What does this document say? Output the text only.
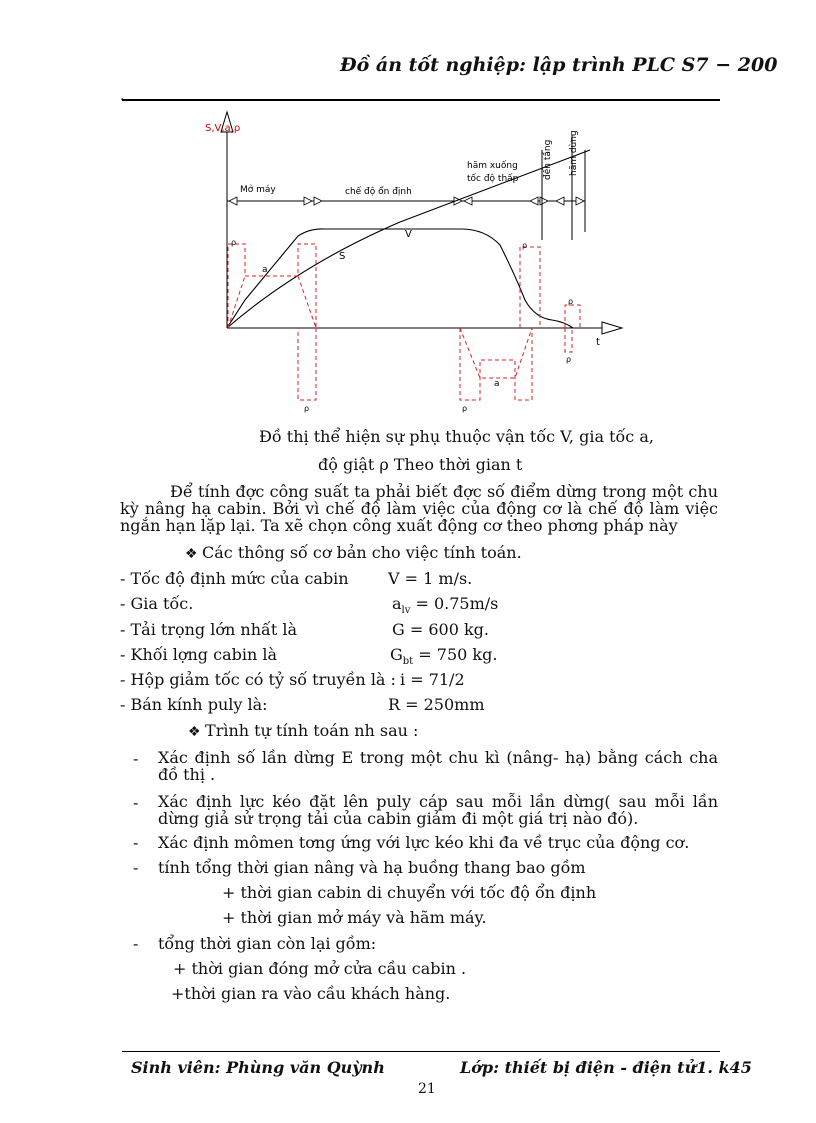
Đồ án tốt nghiệp: lập trình PLC S7 − 200
.
S,V,a,ρ
t
Mở máy	chế độ ổn định
hãm xuống
tốc độ thấp	đến tầng hãm dừng
V
S
a
a
ρ
ρ	ρ
ρ
ρ
ρ
Đồ thị thể hiện sự phụ thuộc vận tốc V, gia tốc a,
độ giật ρ Theo thời gian t
Để tính đợc công suất ta phải biết đợc số điểm dừng trong một chu kỳ nâng hạ cabin. Bởi vì chế độ làm việc của động cơ là chế độ làm việc ngắn hạn lặp lại. Ta xẽ chọn công xuất động cơ theo phơng pháp này
❖ Các thông số cơ bản cho việc tính toán.
- Tốc độ định mức của cabin V = 1 m/s.
- Gia tốc.	$a_{lv} = 0.75m/s$
- Tải trọng lớn nhất là	G = 600 kg.
- Khối lợng cabin là	$G_{bt} = 750$ kg.
- Hộp giảm tốc có tỷ số truyền là : i = 71/2
- Bán kính puly là:	R = 250mm
❖ Trình tự tính toán nh sau :
- Xác định số lần dừng E trong một chu kì (nâng- hạ) bằng cách cha đồ thị .
- Xác định lực kéo đặt lên puly cáp sau mỗi lần dừng( sau mỗi lần dừng giả sử trọng tải của cabin giảm đi một giá trị nào đó).
- Xác định mômen tơng ứng với lực kéo khi đa về trục của động cơ.
- tính tổng thời gian nâng và hạ buồng thang bao gồm
+ thời gian cabin di chuyển với tốc độ ổn định
+ thời gian mở máy và hãm máy.
- tổng thời gian còn lại gồm:
+ thời gian đóng mở cửa cầu cabin .
+thời gian ra vào cầu khách hàng.
Sinh viên: Phùng văn Quỳnh	Lớp: thiết bị điện - điện tử1. k45
21
